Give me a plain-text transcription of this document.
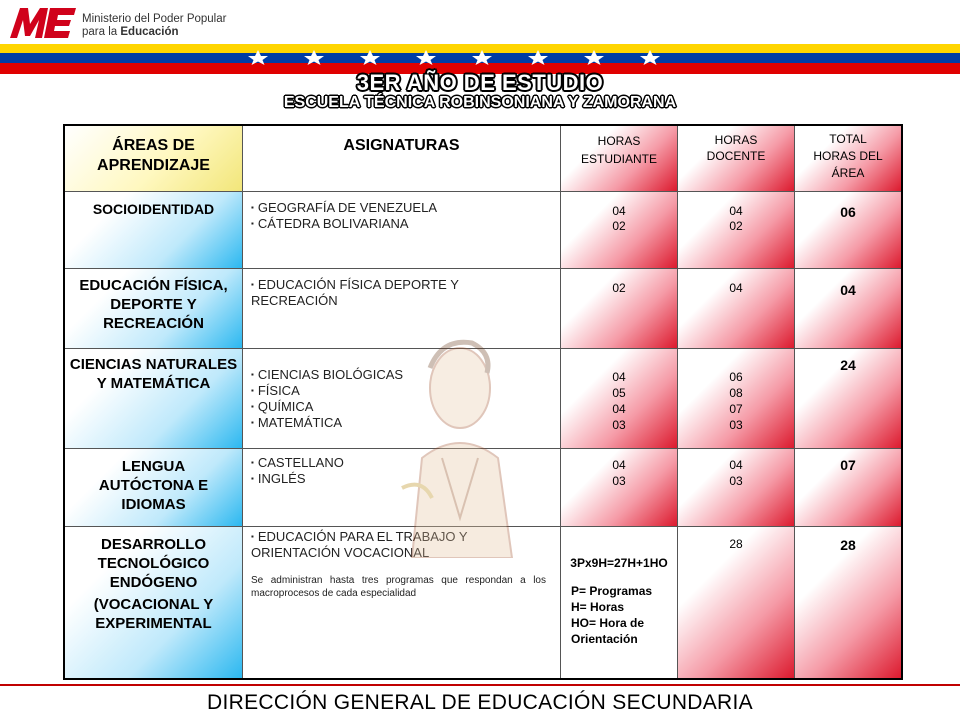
Ministerio del Poder Popular
para la Educación
3ER AÑO DE ESTUDIO
ESCUELA TÉCNICA ROBINSONIANA Y ZAMORANA
ÁREAS DE APRENDIZAJE
ASIGNATURAS	HORAS ESTUDIANTE
HORAS DOCENTE
TOTAL HORAS DEL ÁREA
SOCIOIDENTIDAD
▪	GEOGRAFÍA DE VENEZUELA
▪ CÁTEDRA BOLIVARIANA
04
02
04
02
06
EDUCACIÓN FÍSICA, DEPORTE Y RECREACIÓN
▪ EDUCACIÓN FÍSICA DEPORTE Y RECREACIÓN
02	04	04
CIENCIAS NATURALES Y MATEMÁTICA
▪ CIENCIAS BIOLÓGICAS
▪ FÍSICA
▪ QUÍMICA
▪ MATEMÁTICA
04
05
04
03
06
08
07
03
24
LENGUA AUTÓCTONA E IDIOMAS
▪ CASTELLANO
▪ INGLÉS
04
03
04
03
07
DESARROLLO TECNOLÓGICO ENDÓGENO
(VOCACIONAL Y EXPERIMENTAL
▪ EDUCACIÓN PARA EL TRABAJO Y ORIENTACIÓN VOCACIONAL
Se administran hasta tres programas que respondan a los macroprocesos de cada especialidad
3Px9H=27H+1HO
P= Programas
H= Horas
HO= Hora de Orientación
28	28
DIRECCIÓN GENERAL DE EDUCACIÓN SECUNDARIA
